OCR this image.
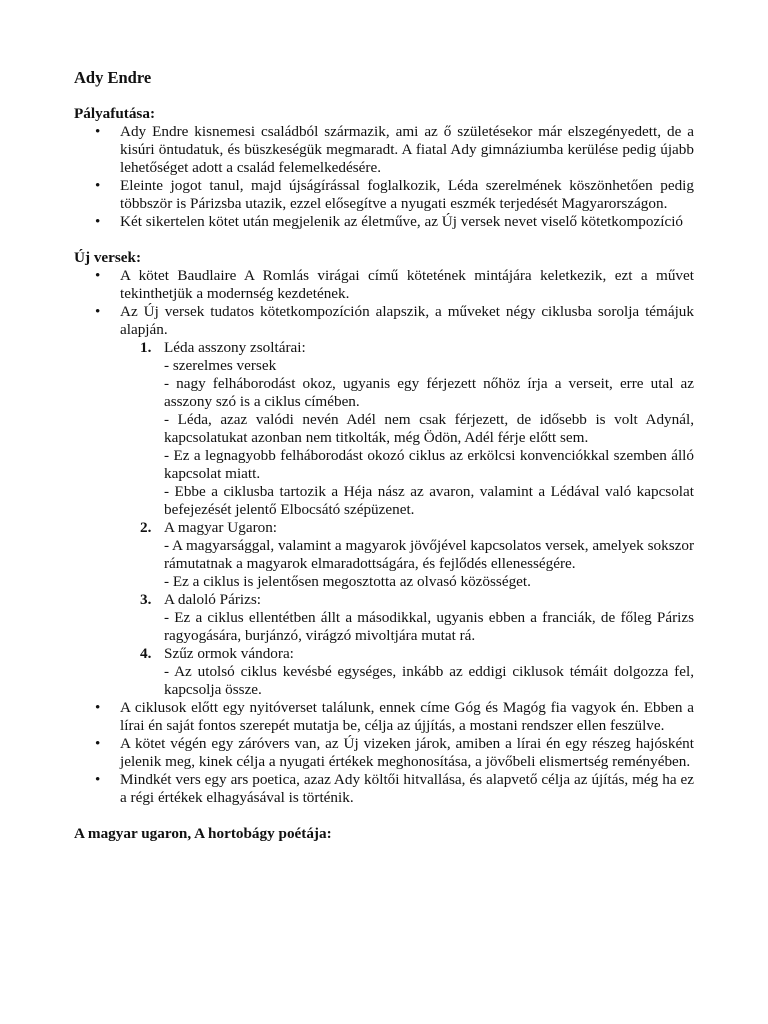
Ady Endre
Pályafutása:
• Ady Endre kisnemesi családból származik, ami az ő születésekor már elszegényedett, de a kisúri öntudatuk, és büszkeségük megmaradt. A fiatal Ady gimnáziumba kerülése pedig újabb lehetőséget adott a család felemelkedésére.
• Eleinte jogot tanul, majd újságírással foglalkozik, Léda szerelmének köszönhetően pedig többször is Párizsba utazik, ezzel elősegítve a nyugati eszmék terjedését Magyarországon.
• Két sikertelen kötet után megjelenik az életműve, az Új versek nevet viselő kötetkompozíció
Új versek:
• A kötet Baudlaire A Romlás virágai című kötetének mintájára keletkezik, ezt a művet tekinthetjük a modernség kezdetének.
• Az Új versek tudatos kötetkompozíción alapszik, a műveket négy ciklusba sorolja témájuk alapján.
1. Léda asszony zsoltárai:
- szerelmes versek
- nagy felháborodást okoz, ugyanis egy férjezett nőhöz írja a verseit, erre utal az asszony szó is a ciklus címében.
- Léda, azaz valódi nevén Adél nem csak férjezett, de idősebb is volt Adynál, kapcsolatukat azonban nem titkolták, még Ödön, Adél férje előtt sem.
- Ez a legnagyobb felháborodást okozó ciklus az erkölcsi konvenciókkal szemben álló kapcsolat miatt.
- Ebbe a ciklusba tartozik a Héja nász az avaron, valamint a Lédával való kapcsolat befejezését jelentő Elbocsátó szépüzenet.
2. A magyar Ugaron:
- A magyarsággal, valamint a magyarok jövőjével kapcsolatos versek, amelyek sokszor rámutatnak a magyarok elmaradottságára, és fejlődés ellenességére.
- Ez a ciklus is jelentősen megosztotta az olvasó közösséget.
3. A daloló Párizs:
- Ez a ciklus ellentétben állt a másodikkal, ugyanis ebben a franciák, de főleg Párizs ragyogására, burjánzó, virágzó mivoltjára mutat rá.
4. Szűz ormok vándora:
- Az utolsó ciklus kevésbé egységes, inkább az eddigi ciklusok témáit dolgozza fel, kapcsolja össze.
• A ciklusok előtt egy nyitóverset találunk, ennek címe Góg és Magóg fia vagyok én. Ebben a lírai én saját fontos szerepét mutatja be, célja az újjítás, a mostani rendszer ellen feszülve.
• A kötet végén egy záróvers van, az Új vizeken járok, amiben a lírai én egy részeg hajósként jelenik meg, kinek célja a nyugati értékek meghonosítása, a jövőbeli elismertség reményében.
• Mindkét vers egy ars poetica, azaz Ady költői hitvallása, és alapvető célja az újítás, még ha ez a régi értékek elhagyásával is történik.
A magyar ugaron, A hortobágy poétája:
